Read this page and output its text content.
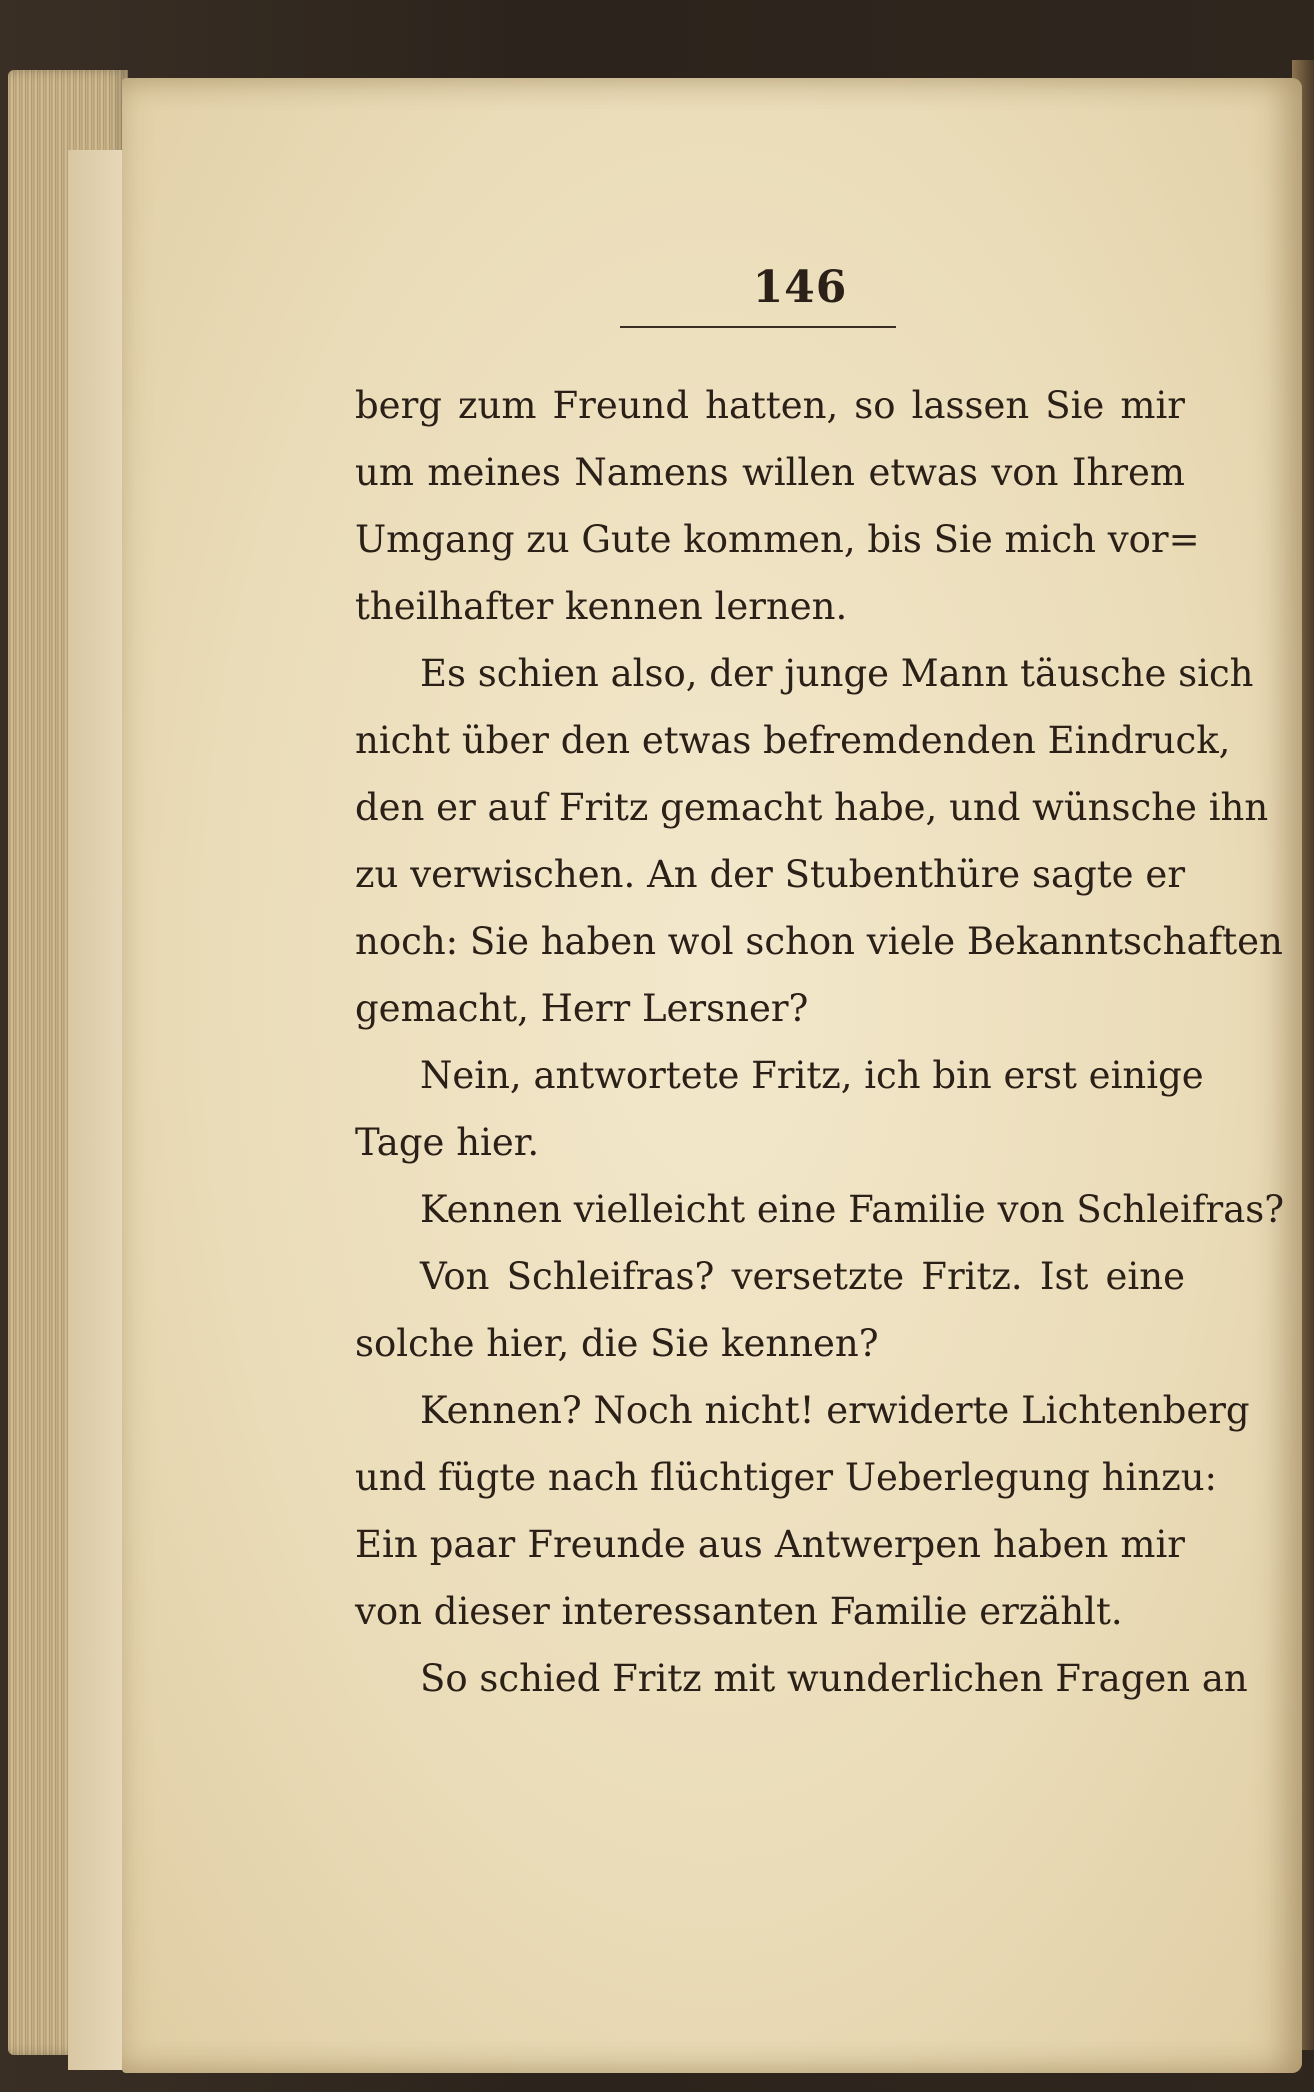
146
berg zum Freund hatten, so lassen Sie mir
um meines Namens willen etwas von Ihrem
Umgang zu Gute kommen, bis Sie mich vor=
theilhafter kennen lernen.
Es schien also, der junge Mann täusche sich
nicht über den etwas befremdenden Eindruck,
den er auf Fritz gemacht habe, und wünsche ihn
zu verwischen. An der Stubenthüre sagte er
noch: Sie haben wol schon viele Bekanntschaften
gemacht, Herr Lersner?
Nein, antwortete Fritz, ich bin erst einige
Tage hier.
Kennen vielleicht eine Familie von Schleifras?
Von Schleifras? versetzte Fritz. Ist eine
solche hier, die Sie kennen?
Kennen? Noch nicht! erwiderte Lichtenberg
und fügte nach flüchtiger Ueberlegung hinzu:
Ein paar Freunde aus Antwerpen haben mir
von dieser interessanten Familie erzählt.
So schied Fritz mit wunderlichen Fragen an
